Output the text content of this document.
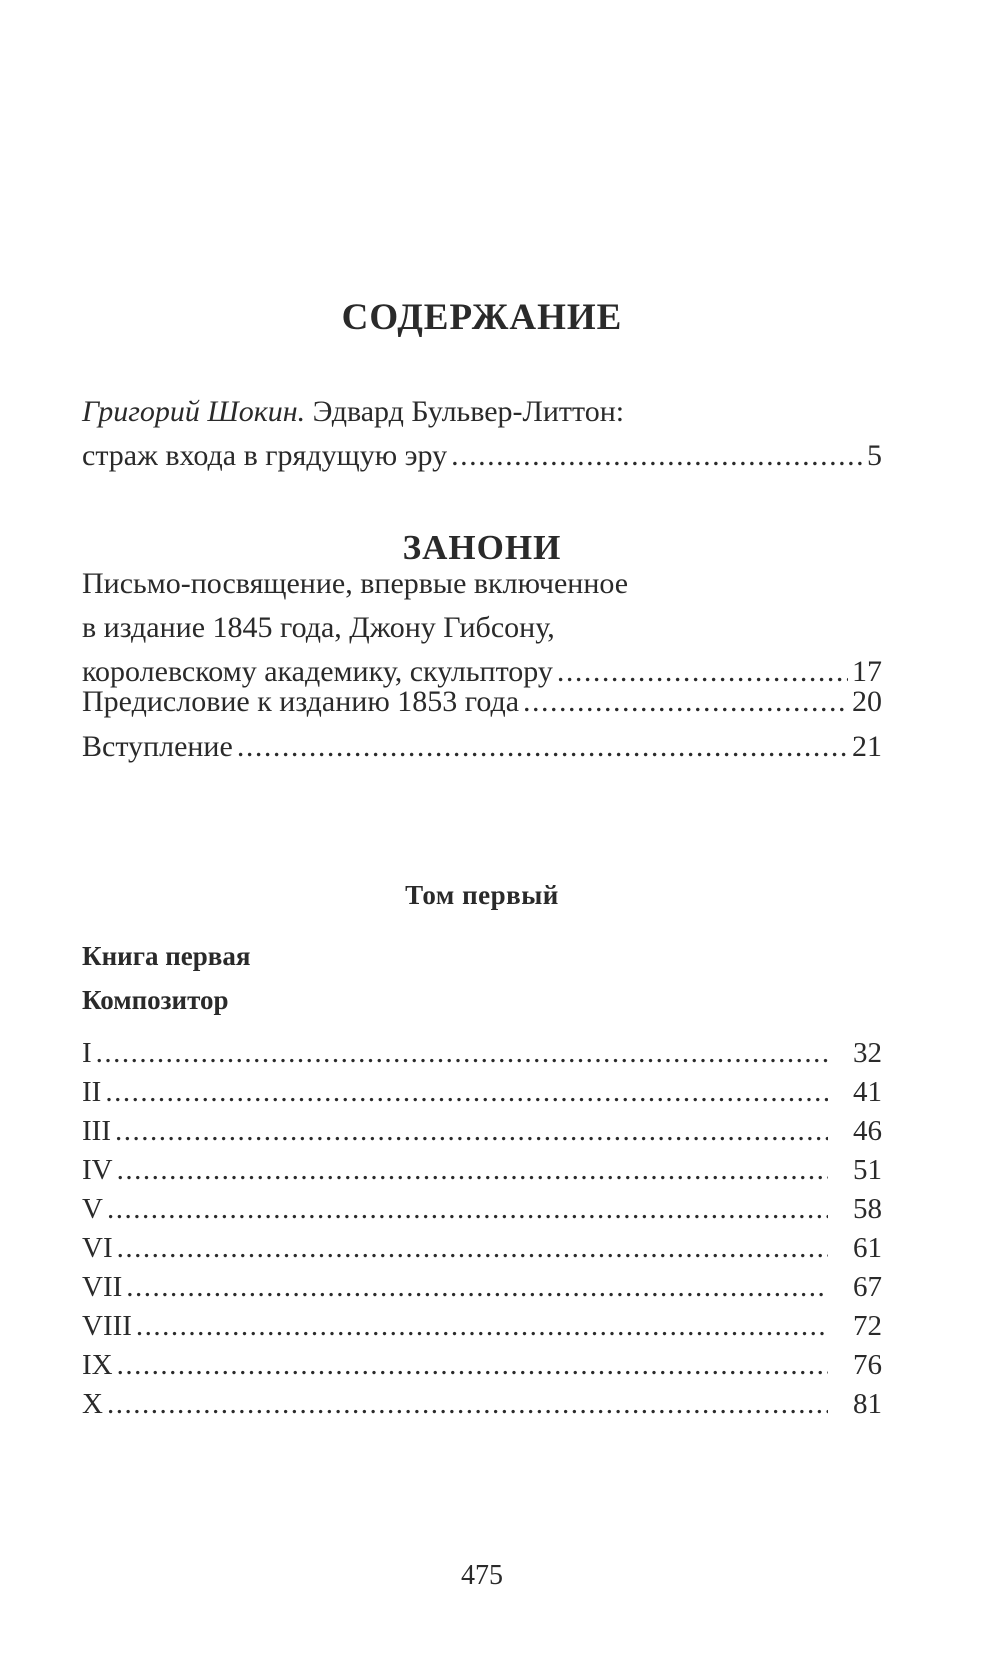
СОДЕРЖАНИЕ
Григорий Шокин. Эдвард Бульвер-Литтон:
страж входа в грядущую эру .....	5
ЗАНОНИ
Письмо-посвящение, впервые включенное
в издание 1845 года, Джону Гибсону,
королевскому академику, скульптору .....	17
Предисловие к изданию 1853 года .....	20
Вступление .....	21
Том первый
Книга первая
Композитор
I .....	32
II .....	41
III .....	46
IV .....	51
V .....	58
VI .....	61
VII .....	67
VIII .....	72
IX .....	76
X .....	81
475
